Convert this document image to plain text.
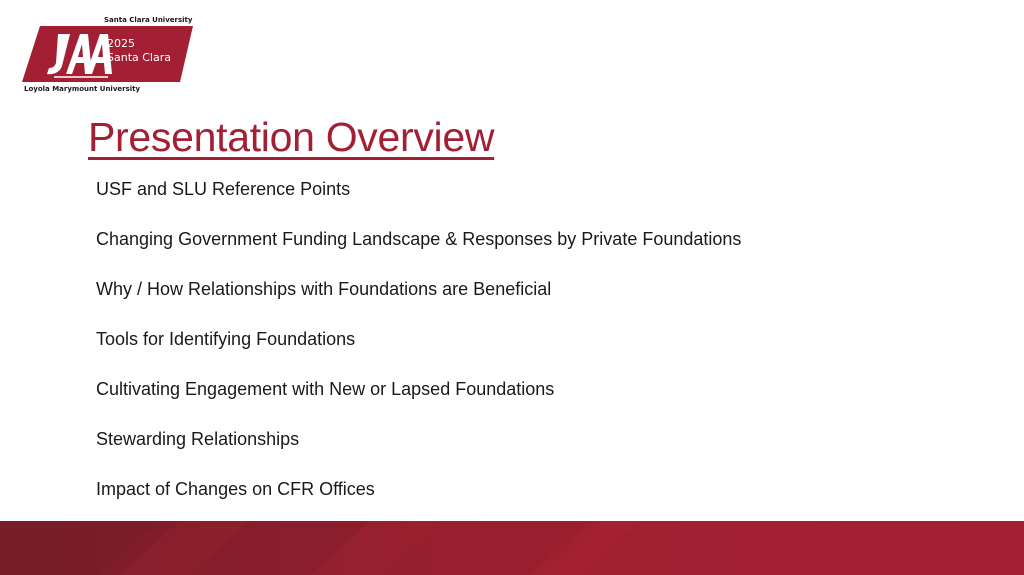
Santa Clara University
2025
Santa Clara
Loyola Marymount University
Presentation Overview
USF and SLU Reference Points
Changing Government Funding Landscape & Responses by Private Foundations
Why / How Relationships with Foundations are Beneficial
Tools for Identifying Foundations
Cultivating Engagement with New or Lapsed Foundations
Stewarding Relationships
Impact of Changes on CFR Offices
